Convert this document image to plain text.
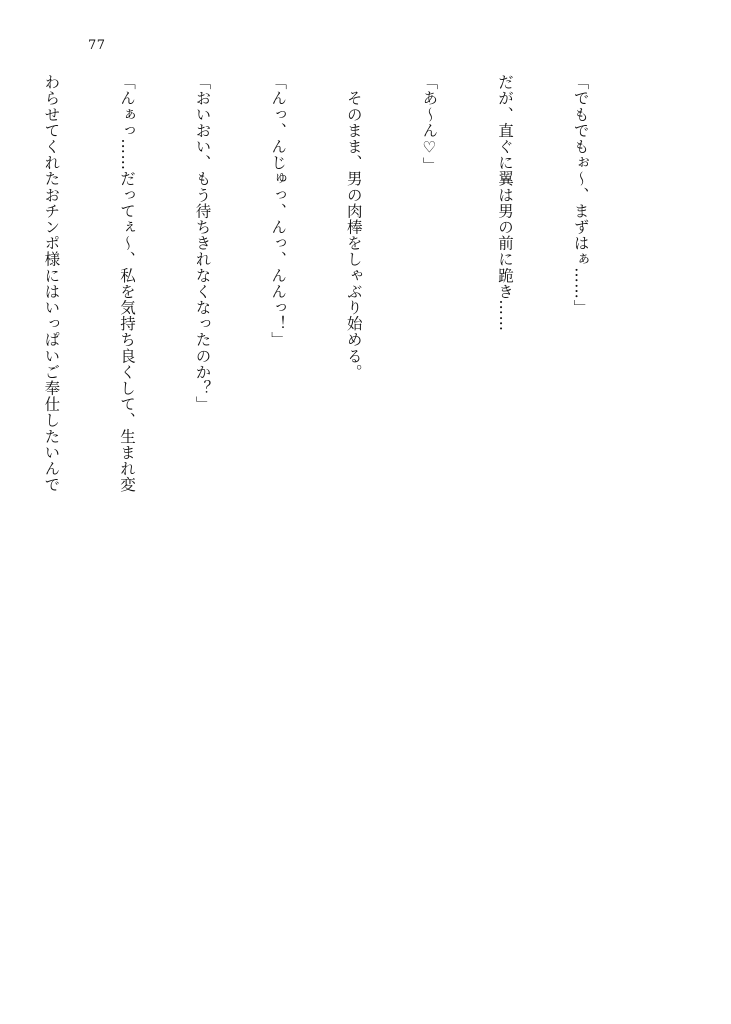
77

「でもでもぉ〜、まずはぁ……」

だが、直ぐに翼は男の前に跪き……

「あ〜ん♡」

　そのまま、男の肉棒をしゃぶり始める。

「んっ、んじゅっ、んっ、んんっ！」

「おいおい、もう待ちきれなくなったのか？」

「んぁっ……だってぇ〜、私を気持ち良くして、生まれ変

わらせてくれたおチンポ様にはいっぱいご奉仕したいんで
